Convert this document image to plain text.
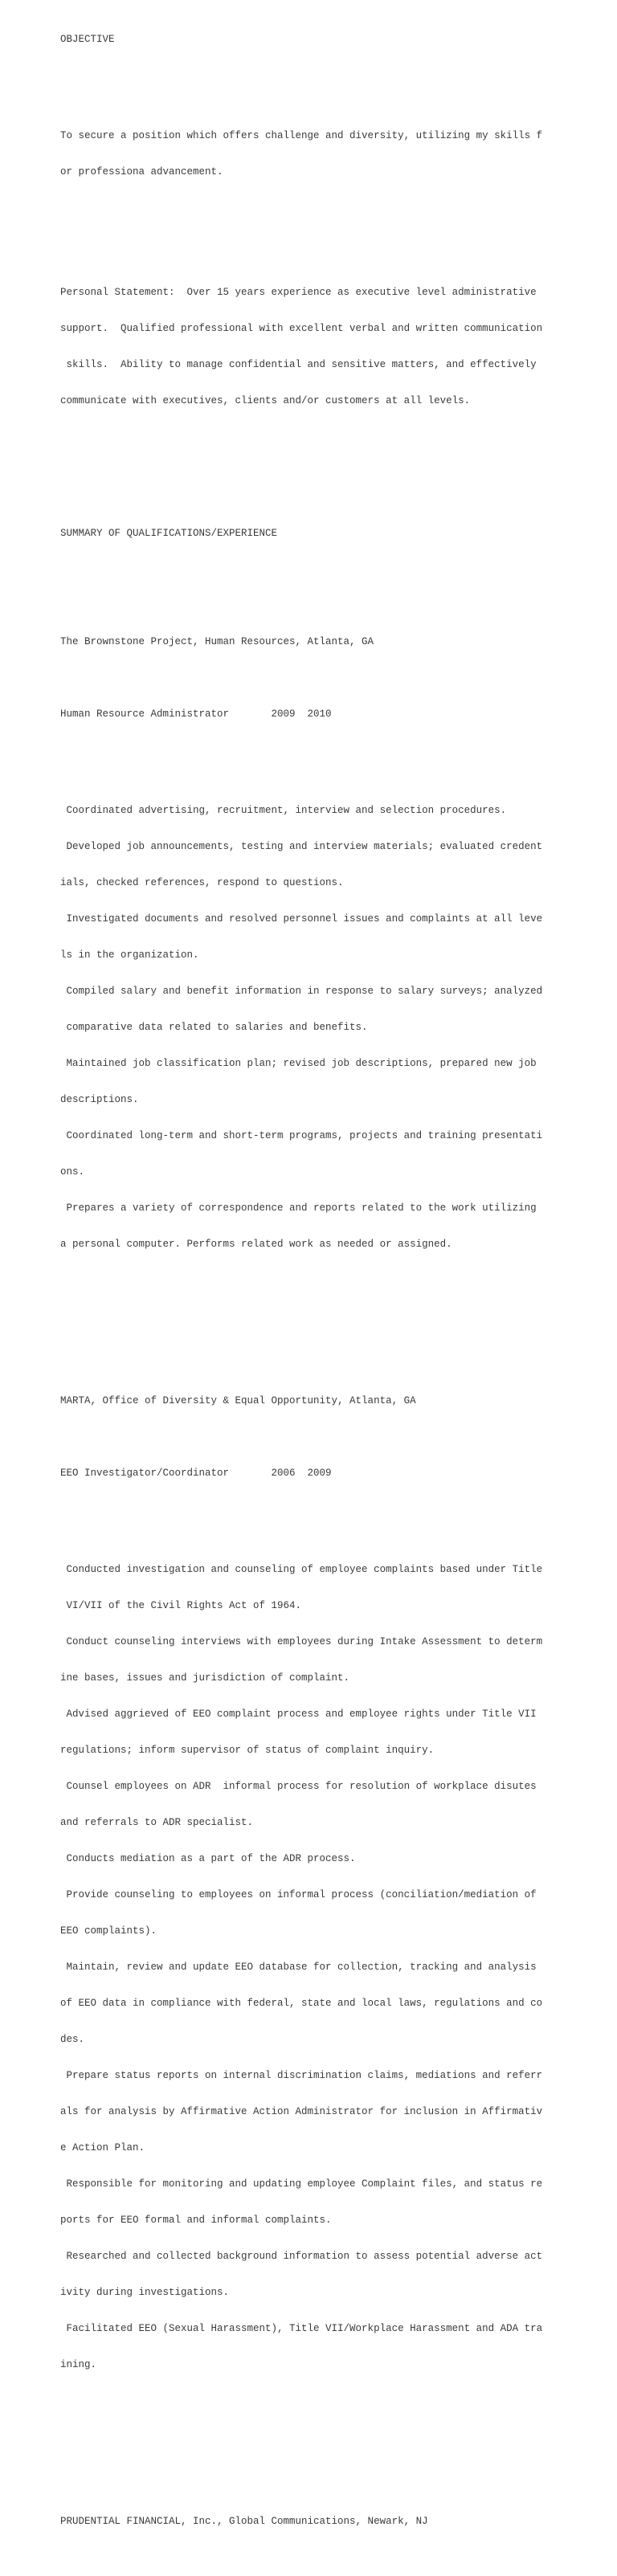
OBJECTIVE

To secure a position which offers challenge and diversity, utilizing my skills f

or professiona advancement.

Personal Statement:  Over 15 years experience as executive level administrative

support.  Qualified professional with excellent verbal and written communication

skills.  Ability to manage confidential and sensitive matters, and effectively

communicate with executives, clients and/or customers at all levels.

SUMMARY OF QUALIFICATIONS/EXPERIENCE

The Brownstone Project, Human Resources, Atlanta, GA

Human Resource Administrator       2009  2010

Coordinated advertising, recruitment, interview and selection procedures.

Developed job announcements, testing and interview materials; evaluated credent

ials, checked references, respond to questions.

Investigated documents and resolved personnel issues and complaints at all leve

ls in the organization.

Compiled salary and benefit information in response to salary surveys; analyzed

comparative data related to salaries and benefits.

Maintained job classification plan; revised job descriptions, prepared new job

descriptions.

Coordinated long-term and short-term programs, projects and training presentati

ons.

Prepares a variety of correspondence and reports related to the work utilizing

a personal computer. Performs related work as needed or assigned.

MARTA, Office of Diversity & Equal Opportunity, Atlanta, GA

EEO Investigator/Coordinator       2006  2009

Conducted investigation and counseling of employee complaints based under Title

VI/VII of the Civil Rights Act of 1964.

Conduct counseling interviews with employees during Intake Assessment to determ

ine bases, issues and jurisdiction of complaint.

Advised aggrieved of EEO complaint process and employee rights under Title VII

regulations; inform supervisor of status of complaint inquiry.

Counsel employees on ADR  informal process for resolution of workplace disutes

and referrals to ADR specialist.

Conducts mediation as a part of the ADR process.

Provide counseling to employees on informal process (conciliation/mediation of

EEO complaints).

Maintain, review and update EEO database for collection, tracking and analysis

of EEO data in compliance with federal, state and local laws, regulations and co

des.

Prepare status reports on internal discrimination claims, mediations and referr

als for analysis by Affirmative Action Administrator for inclusion in Affirmativ

e Action Plan.

Responsible for monitoring and updating employee Complaint files, and status re

ports for EEO formal and informal complaints.

Researched and collected background information to assess potential adverse act

ivity during investigations.

Facilitated EEO (Sexual Harassment), Title VII/Workplace Harassment and ADA tra

ining.

PRUDENTIAL FINANCIAL, Inc., Global Communications, Newark, NJ
